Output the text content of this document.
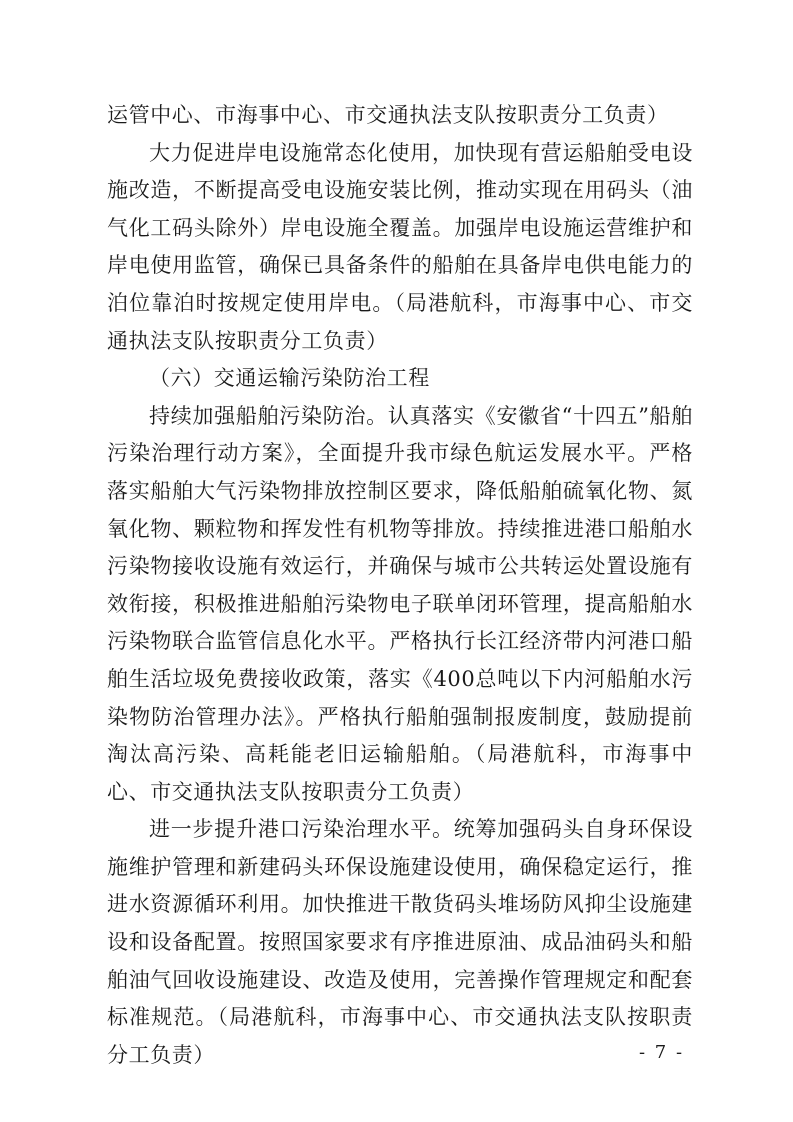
运管中心、市海事中心、市交通执法支队按职责分工负责）

大力促进岸电设施常态化使用，加快现有营运船舶受电设施改造，不断提高受电设施安装比例，推动实现在用码头（油气化工码头除外）岸电设施全覆盖。加强岸电设施运营维护和岸电使用监管，确保已具备条件的船舶在具备岸电供电能力的泊位靠泊时按规定使用岸电。（局港航科，市海事中心、市交通执法支队按职责分工负责）

（六）交通运输污染防治工程

持续加强船舶污染防治。认真落实《安徽省“十四五”船舶污染治理行动方案》，全面提升我市绿色航运发展水平。严格落实船舶大气污染物排放控制区要求，降低船舶硫氧化物、氮氧化物、颗粒物和挥发性有机物等排放。持续推进港口船舶水污染物接收设施有效运行，并确保与城市公共转运处置设施有效衔接，积极推进船舶污染物电子联单闭环管理，提高船舶水污染物联合监管信息化水平。严格执行长江经济带内河港口船舶生活垃圾免费接收政策，落实《400总吨以下内河船舶水污染物防治管理办法》。严格执行船舶强制报废制度，鼓励提前淘汰高污染、高耗能老旧运输船舶。（局港航科，市海事中心、市交通执法支队按职责分工负责）

进一步提升港口污染治理水平。统筹加强码头自身环保设施维护管理和新建码头环保设施建设使用，确保稳定运行，推进水资源循环利用。加快推进干散货码头堆场防风抑尘设施建设和设备配置。按照国家要求有序推进原油、成品油码头和船舶油气回收设施建设、改造及使用，完善操作管理规定和配套标准规范。（局港航科，市海事中心、市交通执法支队按职责分工负责）	- 7 -
